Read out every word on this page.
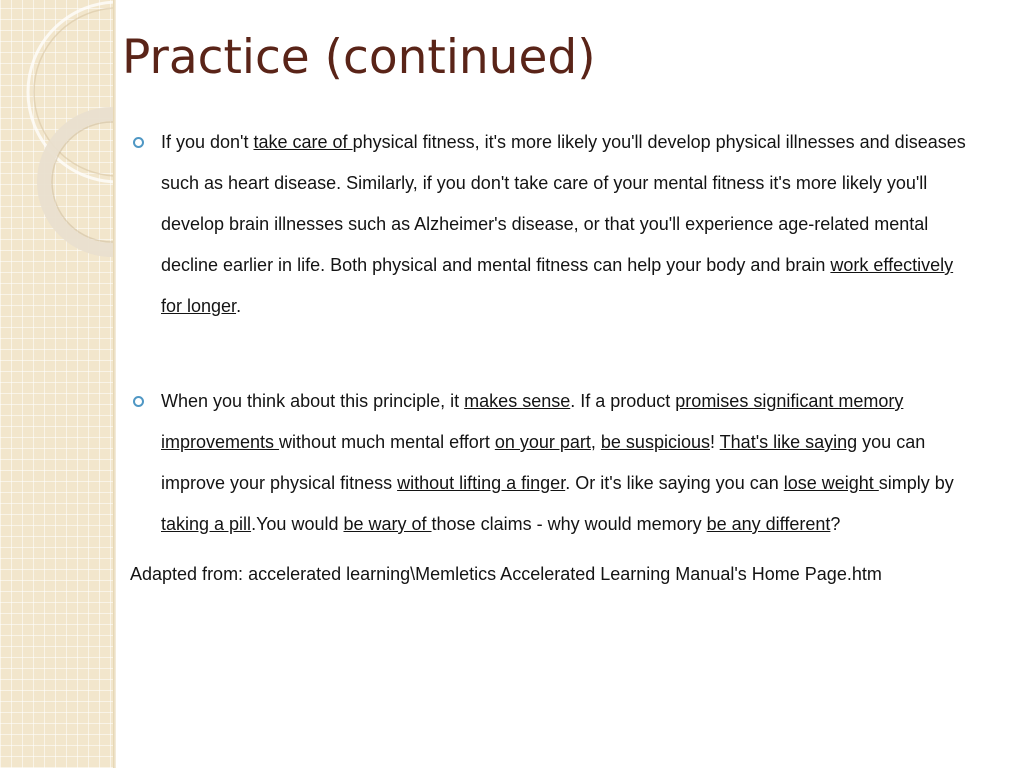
Practice (continued)
If you don't take care of physical fitness, it's more likely you'll develop physical illnesses and diseases such as heart disease. Similarly, if you don't take care of your mental fitness it's more likely you'll develop brain illnesses such as Alzheimer's disease, or that you'll experience age-related mental decline earlier in life. Both physical and mental fitness can help your body and brain work effectively for longer.
When you think about this principle, it makes sense. If a product promises significant memory improvements without much mental effort on your part, be suspicious! That's like saying you can improve your physical fitness without lifting a finger. Or it's like saying you can lose weight simply by taking a pill.You would be wary of those claims - why would memory be any different?
Adapted from: accelerated learning\Memletics Accelerated Learning Manual's Home Page.htm
